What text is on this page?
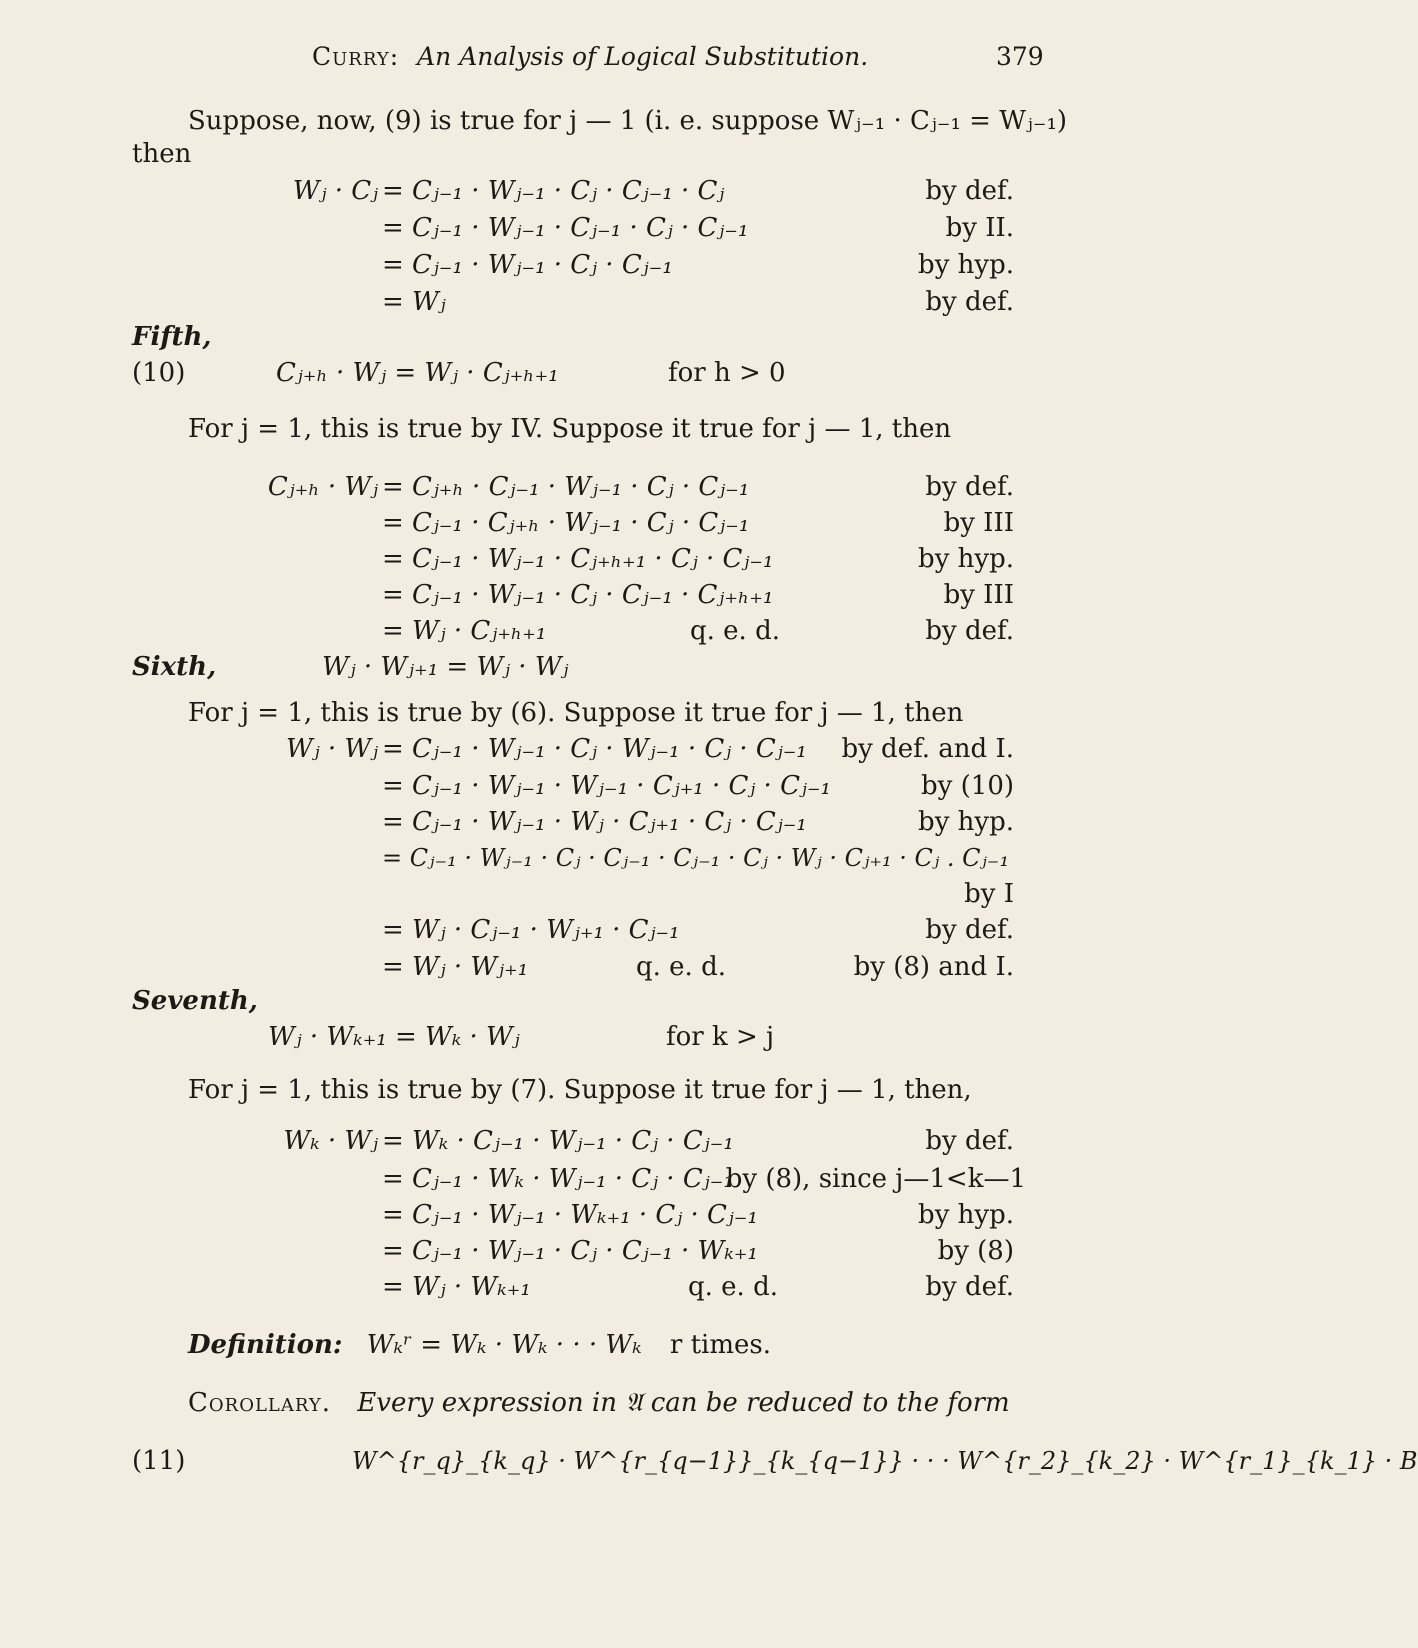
Curry: An Analysis of Logical Substitution.	379
Suppose, now, (9) is true for j — 1 (i. e. suppose Wⱼ₋₁ · Cⱼ₋₁ = Wⱼ₋₁)
then
Wⱼ · Cⱼ = Cⱼ₋₁ · Wⱼ₋₁ · Cⱼ · Cⱼ₋₁ · Cⱼ	by def.
= Cⱼ₋₁ · Wⱼ₋₁ · Cⱼ₋₁ · Cⱼ · Cⱼ₋₁	by II.
= Cⱼ₋₁ · Wⱼ₋₁ · Cⱼ · Cⱼ₋₁	by hyp.
= Wⱼ	by def.
Fifth,
(10)	Cⱼ₊ₕ · Wⱼ = Wⱼ · Cⱼ₊ₕ₊₁	for h > 0
For j = 1, this is true by IV. Suppose it true for j — 1, then
Cⱼ₊ₕ · Wⱼ = Cⱼ₊ₕ · Cⱼ₋₁ · Wⱼ₋₁ · Cⱼ · Cⱼ₋₁	by def.
= Cⱼ₋₁ · Cⱼ₊ₕ · Wⱼ₋₁ · Cⱼ · Cⱼ₋₁	by III
= Cⱼ₋₁ · Wⱼ₋₁ · Cⱼ₊ₕ₊₁ · Cⱼ · Cⱼ₋₁	by hyp.
= Cⱼ₋₁ · Wⱼ₋₁ · Cⱼ · Cⱼ₋₁ · Cⱼ₊ₕ₊₁	by III
= Wⱼ · Cⱼ₊ₕ₊₁	q. e. d.	by def.
Sixth,	Wⱼ · Wⱼ₊₁ = Wⱼ · Wⱼ
For j = 1, this is true by (6). Suppose it true for j — 1, then
Wⱼ · Wⱼ = Cⱼ₋₁ · Wⱼ₋₁ · Cⱼ · Wⱼ₋₁ · Cⱼ · Cⱼ₋₁	by def. and I.
= Cⱼ₋₁ · Wⱼ₋₁ · Wⱼ₋₁ · Cⱼ₊₁ · Cⱼ · Cⱼ₋₁	by (10)
= Cⱼ₋₁ · Wⱼ₋₁ · Wⱼ · Cⱼ₊₁ · Cⱼ · Cⱼ₋₁	by hyp.
= Cⱼ₋₁ · Wⱼ₋₁ · Cⱼ · Cⱼ₋₁ · Cⱼ₋₁ · Cⱼ · Wⱼ · Cⱼ₊₁ · Cⱼ . Cⱼ₋₁
by I
= Wⱼ · Cⱼ₋₁ · Wⱼ₊₁ · Cⱼ₋₁	by def.
= Wⱼ · Wⱼ₊₁	q. e. d.	by (8) and I.
Seventh,
Wⱼ · Wₖ₊₁ = Wₖ · Wⱼ	for k > j
For j = 1, this is true by (7). Suppose it true for j — 1, then,
Wₖ · Wⱼ = Wₖ · Cⱼ₋₁ · Wⱼ₋₁ · Cⱼ · Cⱼ₋₁	by def.
= Cⱼ₋₁ · Wₖ · Wⱼ₋₁ · Cⱼ · Cⱼ₋₁
by (8), since j—1<k—1
= Cⱼ₋₁ · Wⱼ₋₁ · Wₖ₊₁ · Cⱼ · Cⱼ₋₁	by hyp.
= Cⱼ₋₁ · Wⱼ₋₁ · Cⱼ · Cⱼ₋₁ · Wₖ₊₁	by (8)
= Wⱼ · Wₖ₊₁	q. e. d.	by def.
Definition: Wₖʳ = Wₖ · Wₖ · · · Wₖ r times.
Corollary. Every expression in 𝔄 can be reduced to the form
(11)	W^{r_q}_{k_q} · W^{r_{q−1}}_{k_{q−1}} · · · W^{r_2}_{k_2} · W^{r_1}_{k_1} · B
